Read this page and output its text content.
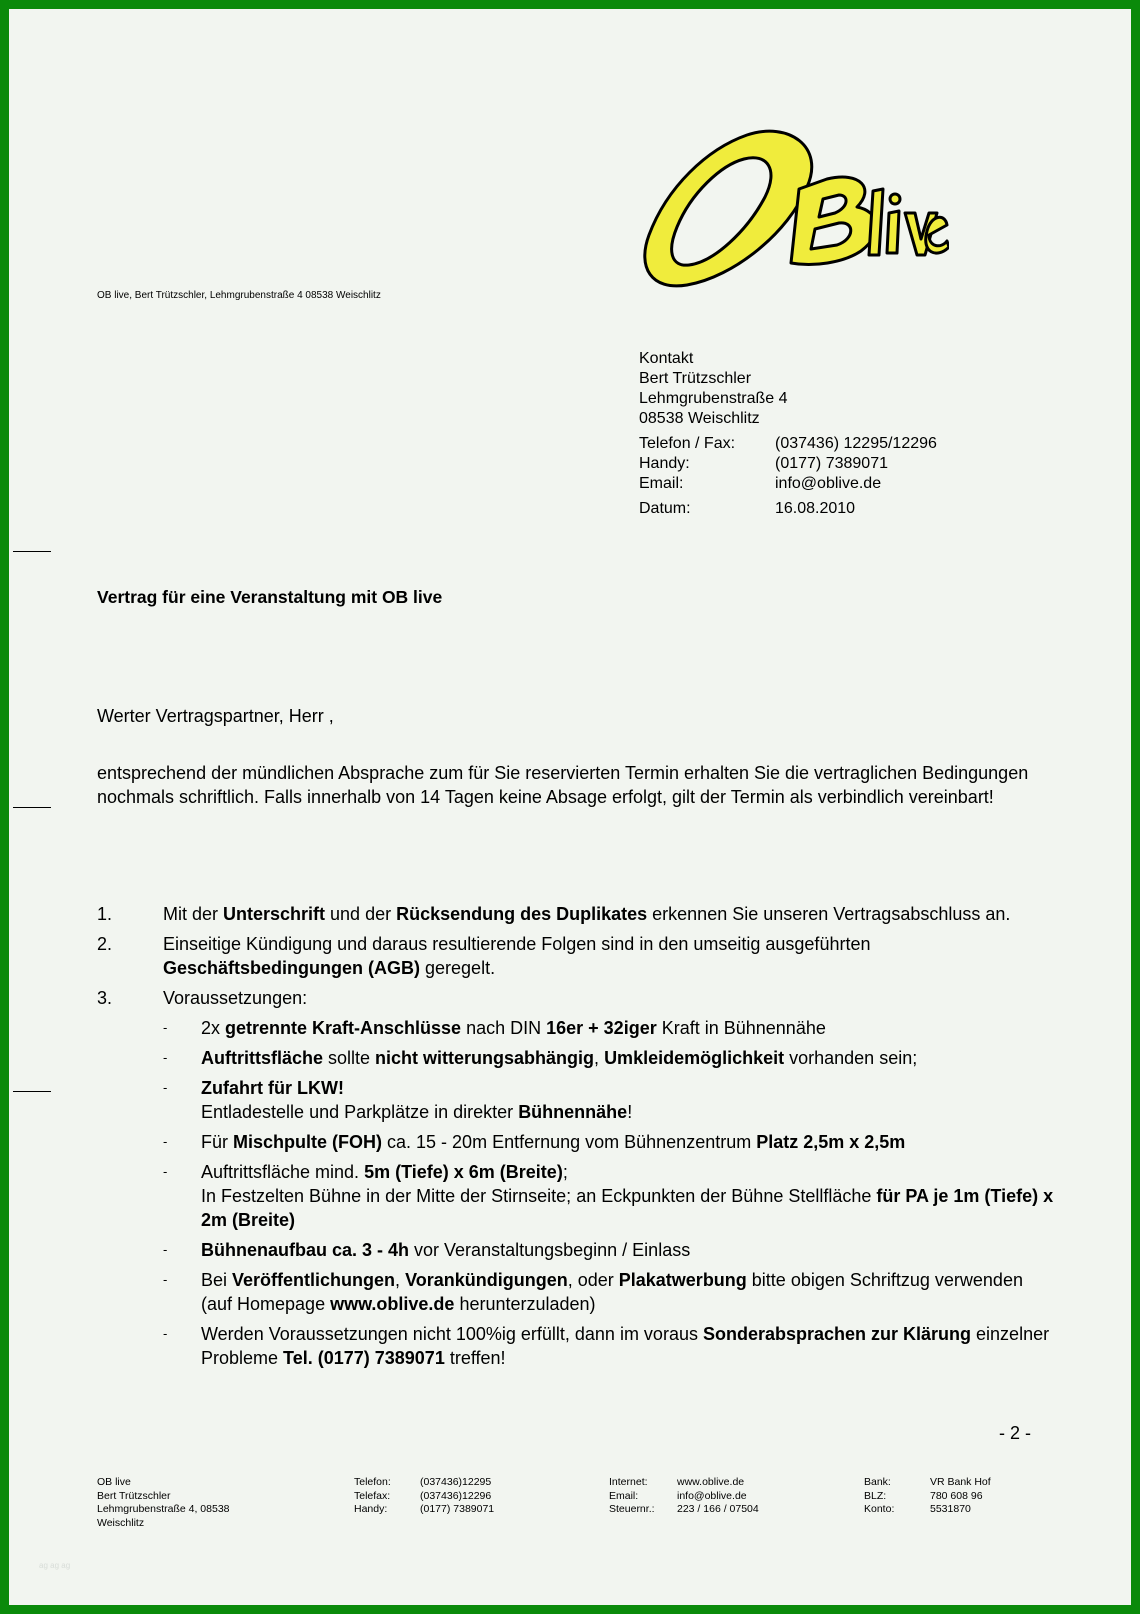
OB live, Bert Trützschler, Lehmgrubenstraße 4 08538 Weischlitz
Kontakt
Bert Trützschler
Lehmgrubenstraße 4
08538 Weischlitz
Telefon / Fax:	(037436) 12295/12296
Handy:	(0177) 7389071
Email:	info@oblive.de
Datum:	16.08.2010
Vertrag für eine Veranstaltung mit OB live
Werter Vertragspartner, Herr ,
entsprechend der mündlichen Absprache zum für Sie reservierten Termin erhalten Sie die vertraglichen Bedingungen nochmals schriftlich. Falls innerhalb von 14 Tagen keine Absage erfolgt, gilt der Termin als verbindlich vereinbart!
1.	Mit der Unterschrift und der Rücksendung des Duplikates erkennen Sie unseren Vertragsabschluss an.
2.	Einseitige Kündigung und daraus resultierende Folgen sind in den umseitig ausgeführten Geschäftsbedingungen (AGB) geregelt.
3.	Voraussetzungen:
-	2x getrennte Kraft-Anschlüsse nach DIN 16er + 32iger Kraft in Bühnennähe
-	Auftrittsfläche sollte nicht witterungsabhängig, Umkleidemöglichkeit vorhanden sein;
-	Zufahrt für LKW!
Entladestelle und Parkplätze in direkter Bühnennähe!
-	Für Mischpulte (FOH) ca. 15 - 20m Entfernung vom Bühnenzentrum Platz 2,5m x 2,5m
-	Auftrittsfläche mind. 5m (Tiefe) x 6m (Breite);
In Festzelten Bühne in der Mitte der Stirnseite; an Eckpunkten der Bühne Stellfläche für PA je 1m (Tiefe) x 2m (Breite)
-	Bühnenaufbau ca. 3 - 4h vor Veranstaltungsbeginn / Einlass
-	Bei Veröffentlichungen, Vorankündigungen, oder Plakatwerbung bitte obigen Schriftzug verwenden (auf Homepage www.oblive.de herunterzuladen)
-	Werden Voraussetzungen nicht 100%ig erfüllt, dann im voraus Sonderabsprachen zur Klärung einzelner Probleme Tel. (0177) 7389071 treffen!
- 2 -
OB live
Bert Trützschler
Lehmgrubenstraße 4, 08538
Weischlitz
Telefon:	(037436)12295
Telefax:	(037436)12296
Handy:	(0177) 7389071
Internet:	www.oblive.de
Email:	info@oblive.de
Steuernr.:	223 / 166 / 07504
Bank:	VR Bank Hof
BLZ:	780 608 96
Konto:	5531870
ag ag ag
